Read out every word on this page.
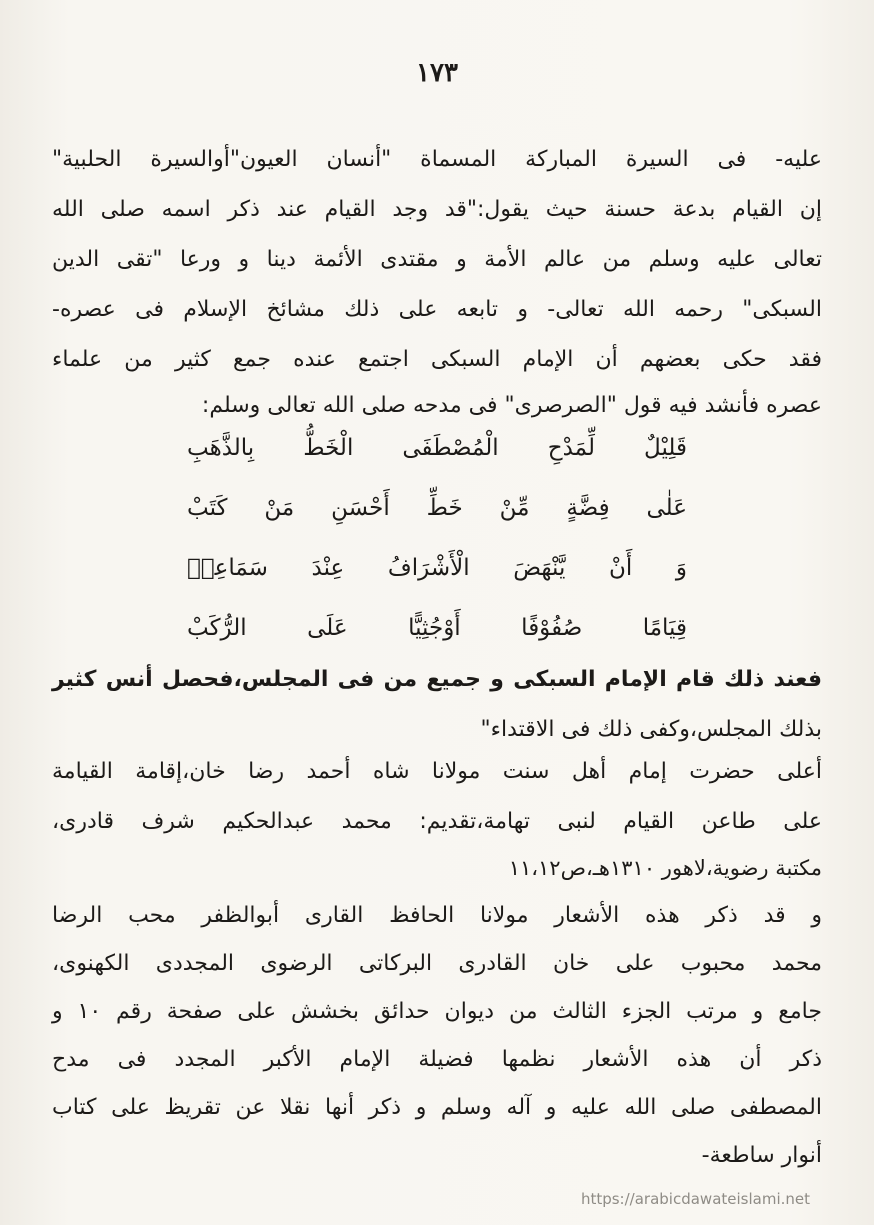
١٧٣
عليه- فى السيرة المباركة المسماة "أنسان العيون"أوالسيرة الحلبية"
إن القيام بدعة حسنة حيث يقول:"قد وجد القيام عند ذكر اسمه صلى الله
تعالى عليه وسلم من عالم الأمة و مقتدى الأئمة دينا و ورعا "تقى الدين
السبكى" رحمه الله تعالى- و تابعه على ذلك مشائخ الإسلام فى عصره-
فقد حكى بعضهم أن الإمام السبكى اجتمع عنده جمع كثير من علماء
عصره فأنشد فيه قول "الصرصرى" فى مدحه صلى الله تعالى وسلم:
قَلِيْلٌ لِّمَدْحِ الْمُصْطَفَى الْخَطُّ بِالذَّهَبِ
عَلٰى فِضَّةٍ مِّنْ خَطِّ أَحْسَنِ مَنْ كَتَبْ
وَ أَنْ يَّنْهَضَ الْأَشْرَافُ عِنْدَ سَمَاعِهٖ
قِيَامًا صُفُوْفًا أَوْجُثِيًّا عَلَى الرُّكَبْ
فعند ذلك قام الإمام السبكى و جميع من فى المجلس،فحصل أنس كثير
بذلك المجلس،وكفى ذلك فى الاقتداء"
أعلى حضرت إمام أهل سنت مولانا شاه أحمد رضا خان،إقامة القيامة
على طاعن القيام لنبى تهامة،تقديم: محمد عبدالحكيم شرف قادرى،
مكتبة رضوية،لاهور ١٣١٠هـ،ص١١،١٢
و قد ذكر هذه الأشعار مولانا الحافظ القارى أبوالظفر محب الرضا
محمد محبوب على خان القادرى البركاتى الرضوى المجددى الكهنوى،
جامع و مرتب الجزء الثالث من ديوان حدائق بخشش على صفحة رقم ١٠ و
ذكر أن هذه الأشعار نظمها فضيلة الإمام الأكبر المجدد فى مدح
المصطفى صلى الله عليه و آله وسلم و ذكر أنها نقلا عن تقريظ على كتاب
أنوار ساطعة-
https://arabicdawateislami.net
